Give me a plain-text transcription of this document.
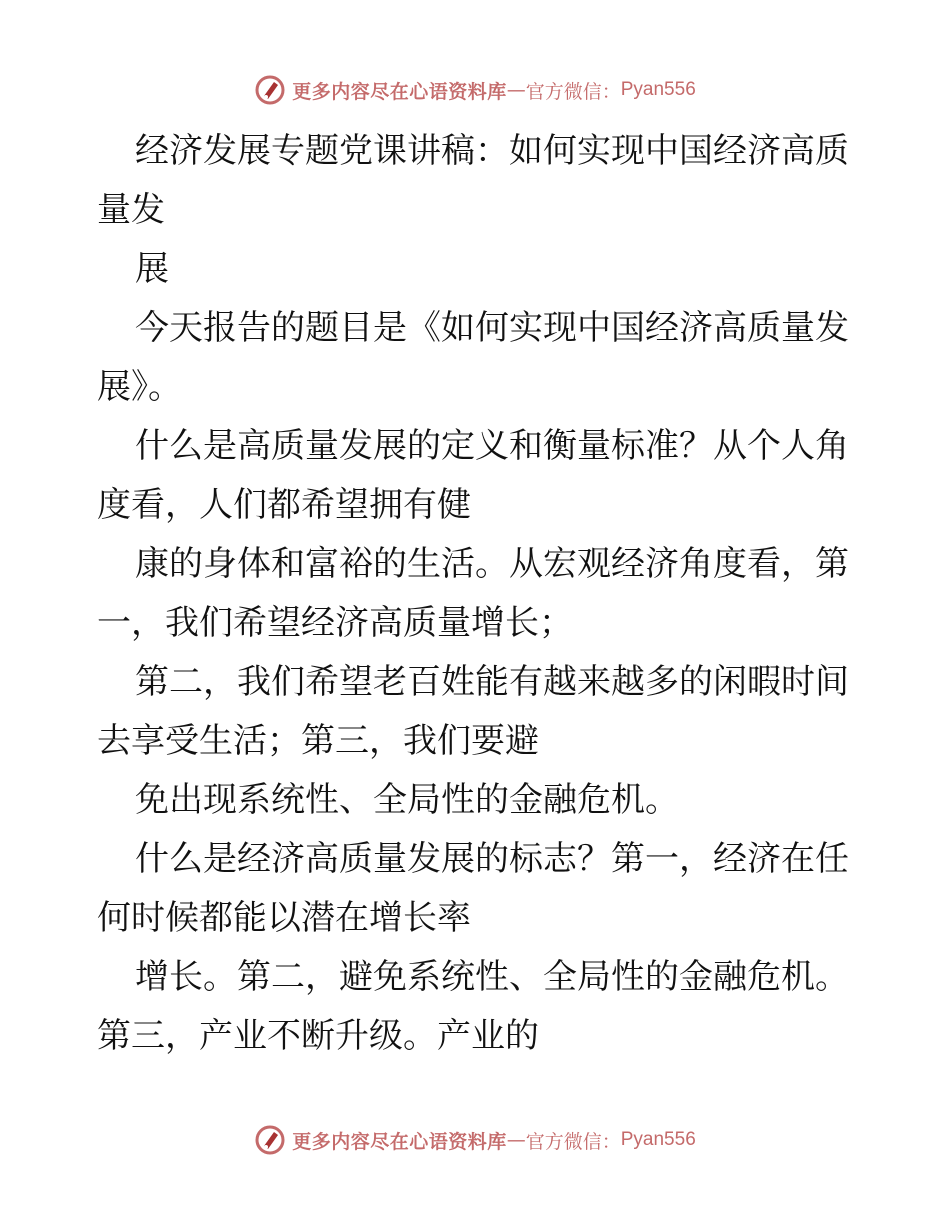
更多内容尽在心语资料库 — 官方微信： Pyan556

经济发展专题党课讲稿：如何实现中国经济高质量发

展

今天报告的题目是《如何实现中国经济高质量发展》。

什么是高质量发展的定义和衡量标准？从个人角度看，人们都希望拥有健

康的身体和富裕的生活。从宏观经济角度看，第一，我们希望经济高质量增长；

第二，我们希望老百姓能有越来越多的闲暇时间去享受生活；第三，我们要避

免出现系统性、全局性的金融危机。

什么是经济高质量发展的标志？第一，经济在任何时候都能以潜在增长率

增长。第二，避免系统性、全局性的金融危机。第三，产业不断升级。产业的

更多内容尽在心语资料库 — 官方微信： Pyan556
